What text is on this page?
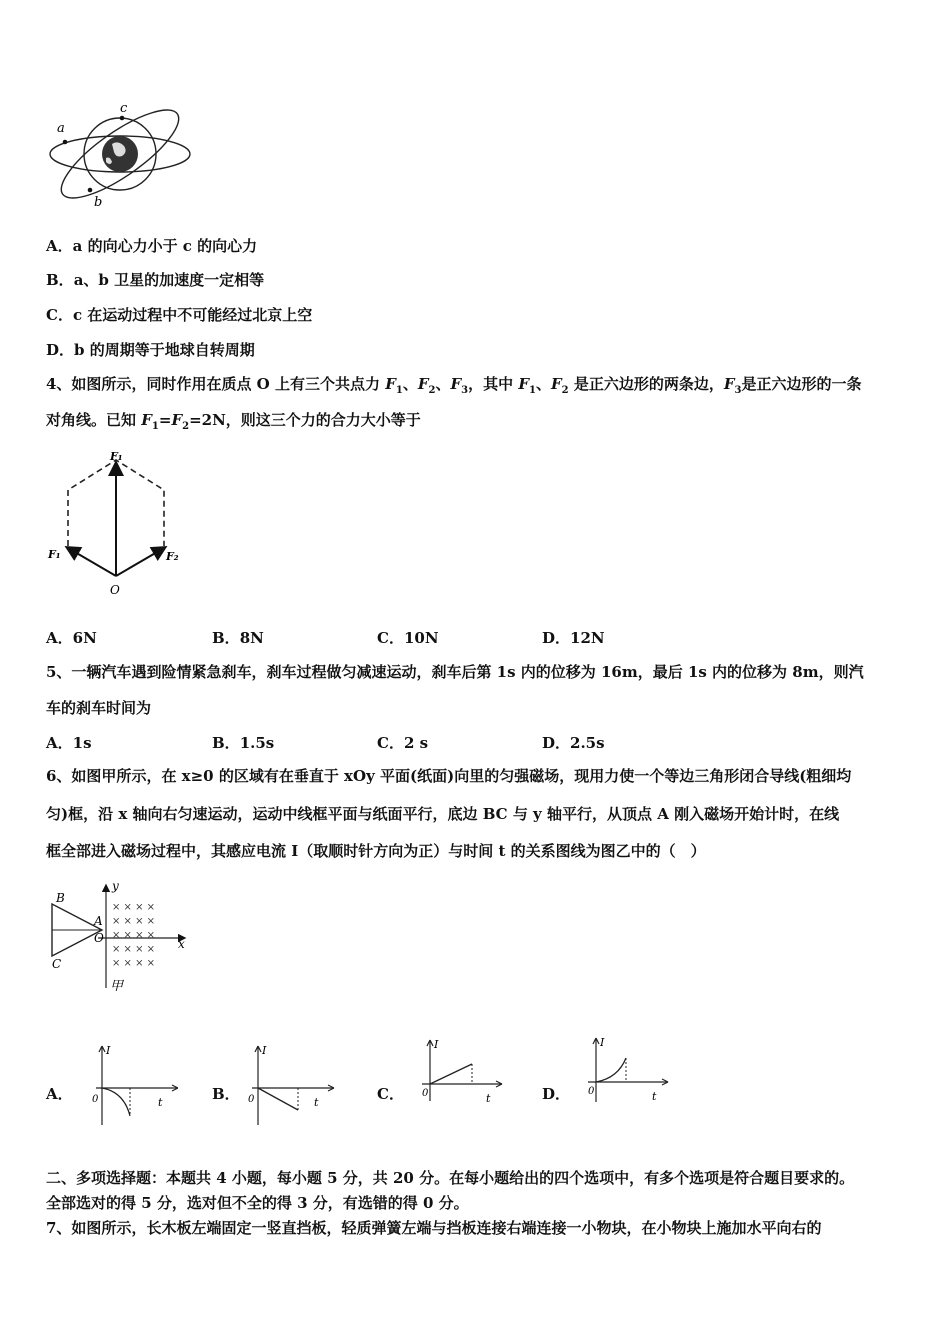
a
c
b
A．a 的向心力小于 c 的向心力
B．a、b 卫星的加速度一定相等
C．c 在运动过程中不可能经过北京上空
D．b 的周期等于地球自转周期
4、如图所示，同时作用在质点 O 上有三个共点力 $F_1$、$F_2$、$F_3$，其中 $F_1$、$F_2$ 是正六边形的两条边，$F_3$是正六边形的一条
对角线。已知 $F_1=F_2=2N$，则这三个力的合力大小等于
F₁
F₁	F₂
O
A．6N	B．8N	C．10N	D．12N
5、一辆汽车遇到险情紧急刹车，刹车过程做匀减速运动，刹车后第 1s 内的位移为 16m，最后 1s 内的位移为 8m，则汽
车的刹车时间为
A．1s	B．1.5s	C．2 s	D．2.5s
6、如图甲所示，在 x≥0 的区域有在垂直于 xOy 平面(纸面)向里的匀强磁场，现用力使一个等边三角形闭合导线(粗细均
匀)框，沿 x 轴向右匀速运动，运动中线框平面与纸面平行，底边 BC 与 y 轴平行，从顶点 A 刚入磁场开始计时，在线
框全部进入磁场过程中，其感应电流 I（取顺时针方向为正）与时间 t 的关系图线为图乙中的（　）
× × × ×
× × × ×
× × × ×
× × × ×
× × × ×
B
C
A
O	x
y
甲
A．
I
t
0	B．
I
t
0	C．
I
t
0	D．
I
t
0
二、多项选择题：本题共 4 小题，每小题 5 分，共 20 分。在每小题给出的四个选项中，有多个选项是符合题目要求的。
全部选对的得 5 分，选对但不全的得 3 分，有选错的得 0 分。
7、如图所示，长木板左端固定一竖直挡板，轻质弹簧左端与挡板连接右端连接一小物块，在小物块上施加水平向右的
